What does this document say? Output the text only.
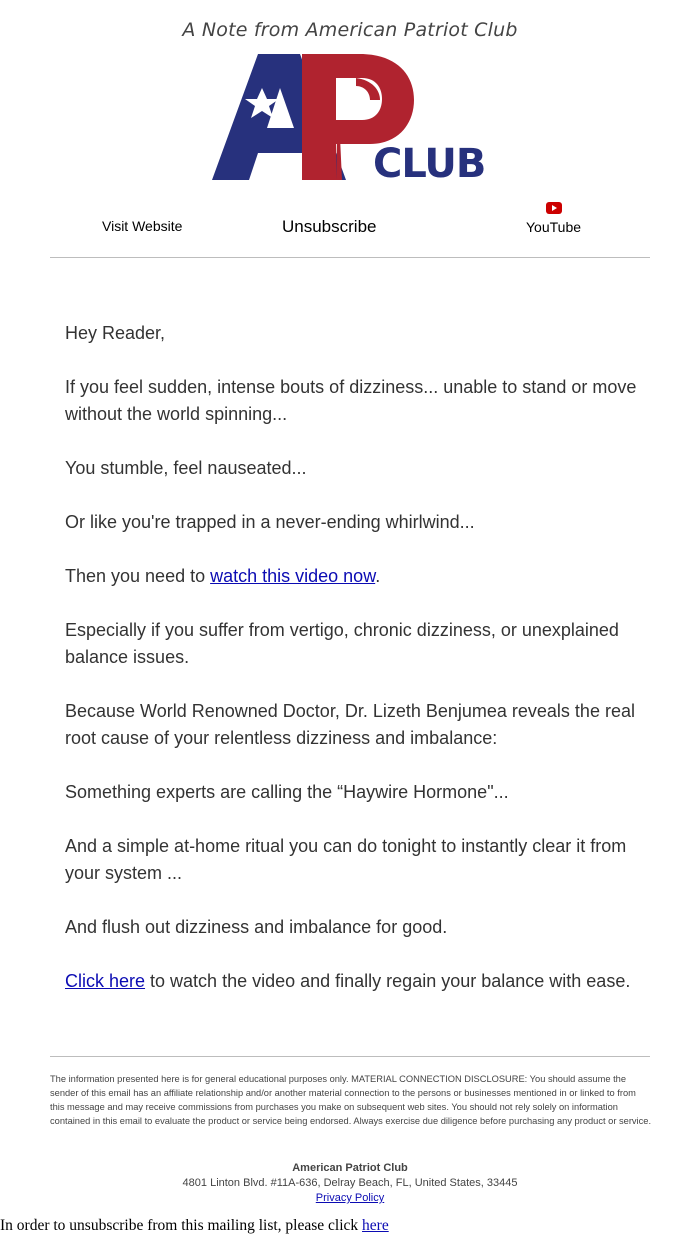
A Note from American Patriot Club
CLUB
Visit Website	Unsubscribe	YouTube

Hey Reader,

If you feel sudden, intense bouts of dizziness... unable to stand or move without the world spinning...

You stumble, feel nauseated...

Or like you're trapped in a never-ending whirlwind...

Then you need to watch this video now.

Especially if you suffer from vertigo, chronic dizziness, or unexplained balance issues.

Because World Renowned Doctor, Dr. Lizeth Benjumea reveals the real root cause of your relentless dizziness and imbalance:

Something experts are calling the “Haywire Hormone"...

And a simple at-home ritual you can do tonight to instantly clear it from your system ...

And flush out dizziness and imbalance for good.

Click here to watch the video and finally regain your balance with ease.

The information presented here is for general educational purposes only. MATERIAL CONNECTION DISCLOSURE: You should assume the sender of this email has an affiliate relationship and/or another material connection to the persons or businesses mentioned in or linked to from this message and may receive commissions from purchases you make on subsequent web sites. You should not rely solely on information contained in this email to evaluate the product or service being endorsed. Always exercise due diligence before purchasing any product or service.
American Patriot Club
4801 Linton Blvd. #11A-636, Delray Beach, FL, United States, 33445
Privacy Policy
In order to unsubscribe from this mailing list, please click here
